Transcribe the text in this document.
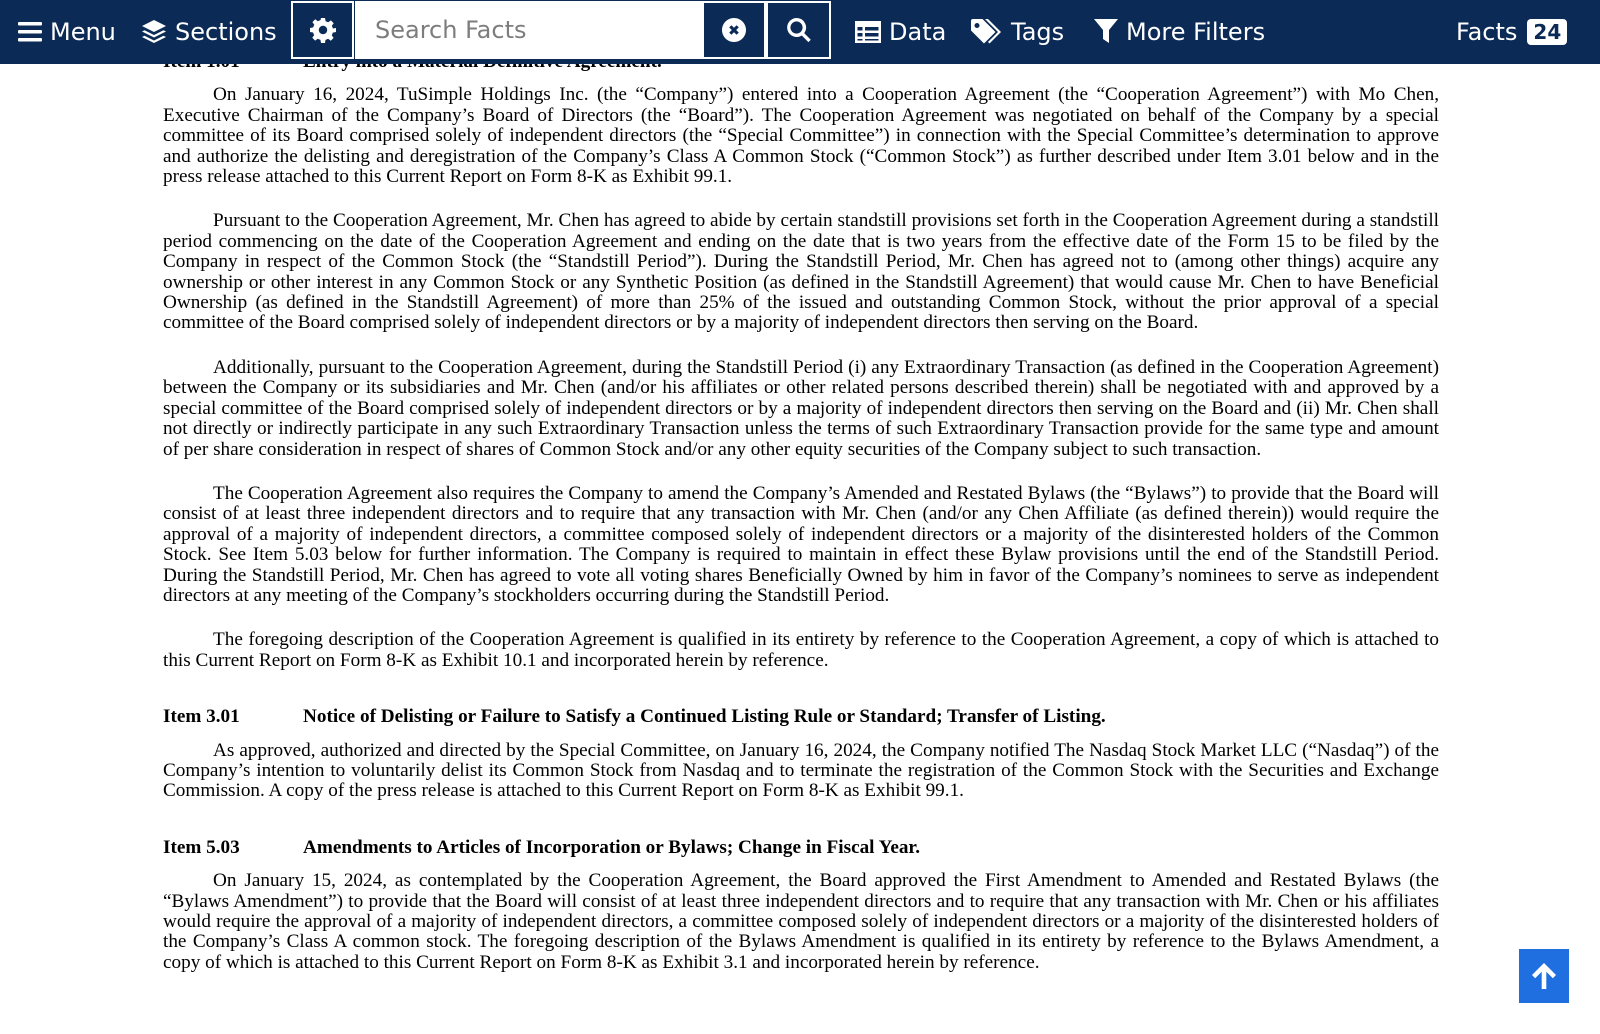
Menu Sections
Search Facts	Data	Tags	More Filters	Facts 24

On January 16, 2024, TuSimple Holdings Inc. (the “Company”) entered into a Cooperation Agreement (the “Cooperation Agreement”) with Mo Chen, Executive Chairman of the Company’s Board of Directors (the “Board”). The Cooperation Agreement was negotiated on behalf of the Company by a special committee of its Board comprised solely of independent directors (the “Special Committee”) in connection with the Special Committee’s determination to approve and authorize the delisting and deregistration of the Company’s Class A Common Stock (“Common Stock”) as further described under Item 3.01 below and in the press release attached to this Current Report on Form 8-K as Exhibit 99.1.

Pursuant to the Cooperation Agreement, Mr. Chen has agreed to abide by certain standstill provisions set forth in the Cooperation Agreement during a standstill period commencing on the date of the Cooperation Agreement and ending on the date that is two years from the effective date of the Form 15 to be filed by the Company in respect of the Common Stock (the “Standstill Period”). During the Standstill Period, Mr. Chen has agreed not to (among other things) acquire any ownership or other interest in any Common Stock or any Synthetic Position (as defined in the Standstill Agreement) that would cause Mr. Chen to have Beneficial Ownership (as defined in the Standstill Agreement) of more than 25% of the issued and outstanding Common Stock, without the prior approval of a special committee of the Board comprised solely of independent directors or by a majority of independent directors then serving on the Board.

Additionally, pursuant to the Cooperation Agreement, during the Standstill Period (i) any Extraordinary Transaction (as defined in the Cooperation Agreement) between the Company or its subsidiaries and Mr. Chen (and/or his affiliates or other related persons described therein) shall be negotiated with and approved by a special committee of the Board comprised solely of independent directors or by a majority of independent directors then serving on the Board and (ii) Mr. Chen shall not directly or indirectly participate in any such Extraordinary Transaction unless the terms of such Extraordinary Transaction provide for the same type and amount of per share consideration in respect of shares of Common Stock and/or any other equity securities of the Company subject to such transaction.

The Cooperation Agreement also requires the Company to amend the Company’s Amended and Restated Bylaws (the “Bylaws”) to provide that the Board will consist of at least three independent directors and to require that any transaction with Mr. Chen (and/or any Chen Affiliate (as defined therein)) would require the approval of a majority of independent directors, a committee composed solely of independent directors or a majority of the disinterested holders of the Common Stock. See Item 5.03 below for further information. The Company is required to maintain in effect these Bylaw provisions until the end of the Standstill Period. During the Standstill Period, Mr. Chen has agreed to vote all voting shares Beneficially Owned by him in favor of the Company’s nominees to serve as independent directors at any meeting of the Company’s stockholders occurring during the Standstill Period.

The foregoing description of the Cooperation Agreement is qualified in its entirety by reference to the Cooperation Agreement, a copy of which is attached to this Current Report on Form 8-K as Exhibit 10.1 and incorporated herein by reference.

Item 3.01	Notice of Delisting or Failure to Satisfy a Continued Listing Rule or Standard; Transfer of Listing.

As approved, authorized and directed by the Special Committee, on January 16, 2024, the Company notified The Nasdaq Stock Market LLC (“Nasdaq”) of the Company’s intention to voluntarily delist its Common Stock from Nasdaq and to terminate the registration of the Common Stock with the Securities and Exchange Commission. A copy of the press release is attached to this Current Report on Form 8-K as Exhibit 99.1.

Item 5.03	Amendments to Articles of Incorporation or Bylaws; Change in Fiscal Year.

On January 15, 2024, as contemplated by the Cooperation Agreement, the Board approved the First Amendment to Amended and Restated Bylaws (the “Bylaws Amendment”) to provide that the Board will consist of at least three independent directors and to require that any transaction with Mr. Chen or his affiliates would require the approval of a majority of independent directors, a committee composed solely of independent directors or a majority of the disinterested holders of the Company’s Class A common stock. The foregoing description of the Bylaws Amendment is qualified in its entirety by reference to the Bylaws Amendment, a copy of which is attached to this Current Report on Form 8-K as Exhibit 3.1 and incorporated herein by reference.
